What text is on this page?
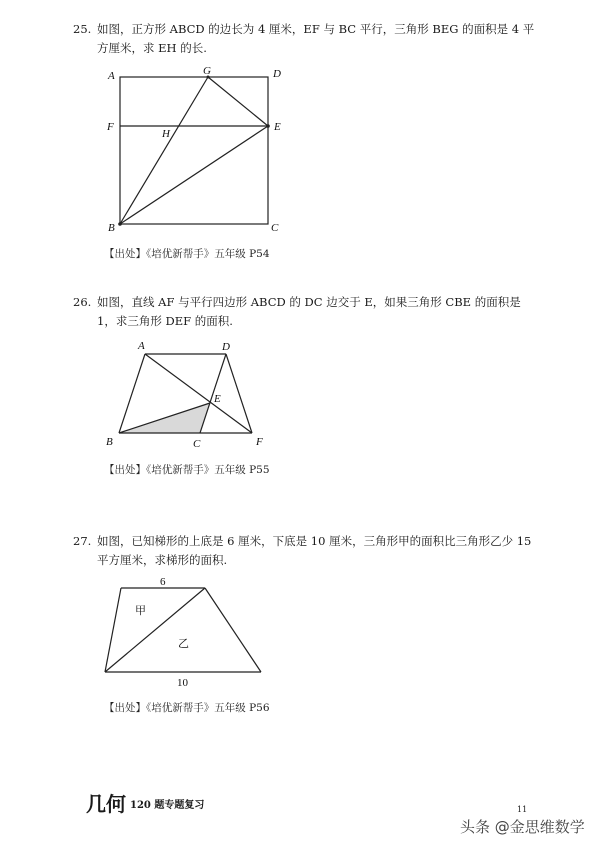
25. 如图，正方形 ABCD 的边长为 4 厘米，EF 与 BC 平行，三角形 BEG 的面积是 4 平方厘米，求 EH 的长.
26. 如图，直线 AF 与平行四边形 ABCD 的 DC 边交于 E，如果三角形 CBE 的面积是 1，求三角形 DEF 的面积.
27. 如图，已知梯形的上底是 6 厘米，下底是 10 厘米，三角形甲的面积比三角形乙少 15 平方厘米，求梯形的面积.
A	G	D
F
H
E
B	C
A	D
E
B	C	F
6
10
甲
乙
【出处】《培优新帮手》五年级 P54
【出处】《培优新帮手》五年级 P55
【出处】《培优新帮手》五年级 P56
几何 120 题专题复习	11
头条 @金思维数学
